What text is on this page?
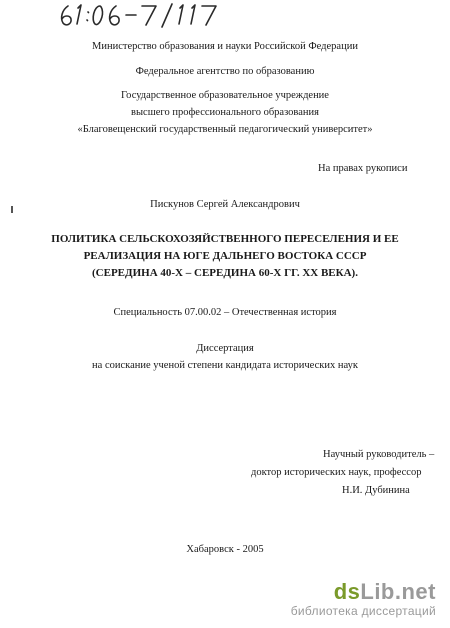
Министерство образования и науки Российской Федерации
Федеральное агентство по образованию
Государственное образовательное учреждение
высшего профессионального образования
«Благовещенский государственный педагогический университет»
На правах рукописи
Пискунов Сергей Александрович
ПОЛИТИКА СЕЛЬСКОХОЗЯЙСТВЕННОГО ПЕРЕСЕЛЕНИЯ И ЕЕ
РЕАЛИЗАЦИЯ НА ЮГЕ ДАЛЬНЕГО ВОСТОКА СССР
(СЕРЕДИНА 40-Х – СЕРЕДИНА 60-Х ГГ. ХХ ВЕКА).
Специальность 07.00.02 – Отечественная история
Диссертация
на соискание ученой степени кандидата исторических наук
Научный руководитель –
доктор исторических наук, профессор
Н.И. Дубинина
Хабаровск - 2005
dsLib.net
библиотека диссертаций
